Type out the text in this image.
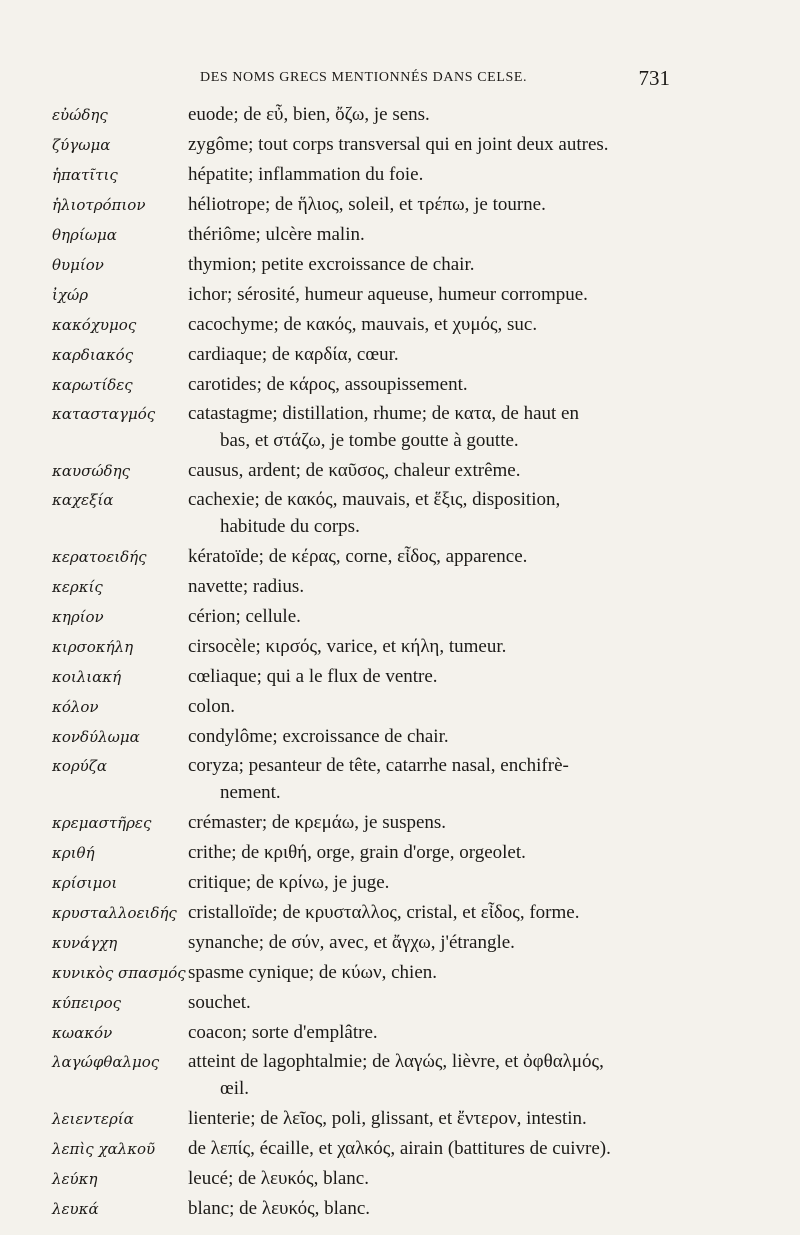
DES NOMS GRECS MENTIONNÉS DANS CELSE.	731
εὐώδης	euode; de εὖ, bien, ὄζω, je sens.
ζύγωμα	zygôme; tout corps transversal qui en joint deux autres.
ἡπατῖτις	hépatite; inflammation du foie.
ἡλιοτρόπιον	héliotrope; de ἥλιος, soleil, et τρέπω, je tourne.
θηρίωμα	thériôme; ulcère malin.
θυμίον	thymion; petite excroissance de chair.
ἰχώρ	ichor; sérosité, humeur aqueuse, humeur corrompue.
κακόχυμος	cacochyme; de κακός, mauvais, et χυμός, suc.
καρδιακός	cardiaque; de καρδία, cœur.
καρωτίδες	carotides; de κάρος, assoupissement.
κατασταγμός	catastagme; distillation, rhume; de κατα, de haut en
bas, et στάζω, je tombe goutte à goutte.
καυσώδης	causus, ardent; de καῦσος, chaleur extrême.
καχεξία	cachexie; de κακός, mauvais, et ἕξις, disposition,
habitude du corps.
κερατοειδής	kératoïde; de κέρας, corne, εἶδος, apparence.
κερκίς	navette; radius.
κηρίον	cérion; cellule.
κιρσοκήλη	cirsocèle; κιρσός, varice, et κήλη, tumeur.
κοιλιακή	cœliaque; qui a le flux de ventre.
κόλον	colon.
κονδύλωμα	condylôme; excroissance de chair.
κορύζα	coryza; pesanteur de tête, catarrhe nasal, enchifrè-
nement.
κρεμαστῆρες	crémaster; de κρεμάω, je suspens.
κριθή	crithe; de κριθή, orge, grain d'orge, orgeolet.
κρίσιμοι	critique; de κρίνω, je juge.
κρυσταλλοειδής cristalloïde; de κρυσταλλος, cristal, et εἶδος, forme.
κυνάγχη	synanche; de σύν, avec, et ἄγχω, j'étrangle.
κυνικὸς σπασμός spasme cynique; de κύων, chien.
κύπειρος	souchet.
κωακόν	coacon; sorte d'emplâtre.
λαγώφθαλμος	atteint de lagophtalmie; de λαγώς, lièvre, et ὀφθαλμός,
œil.
λειεντερία	lienterie; de λεῖος, poli, glissant, et ἔντερον, intestin.
λεπὶς χαλκοῦ	de λεπίς, écaille, et χαλκός, airain (battitures de cuivre).
λεύκη	leucé; de λευκός, blanc.
λευκά	blanc; de λευκός, blanc.
